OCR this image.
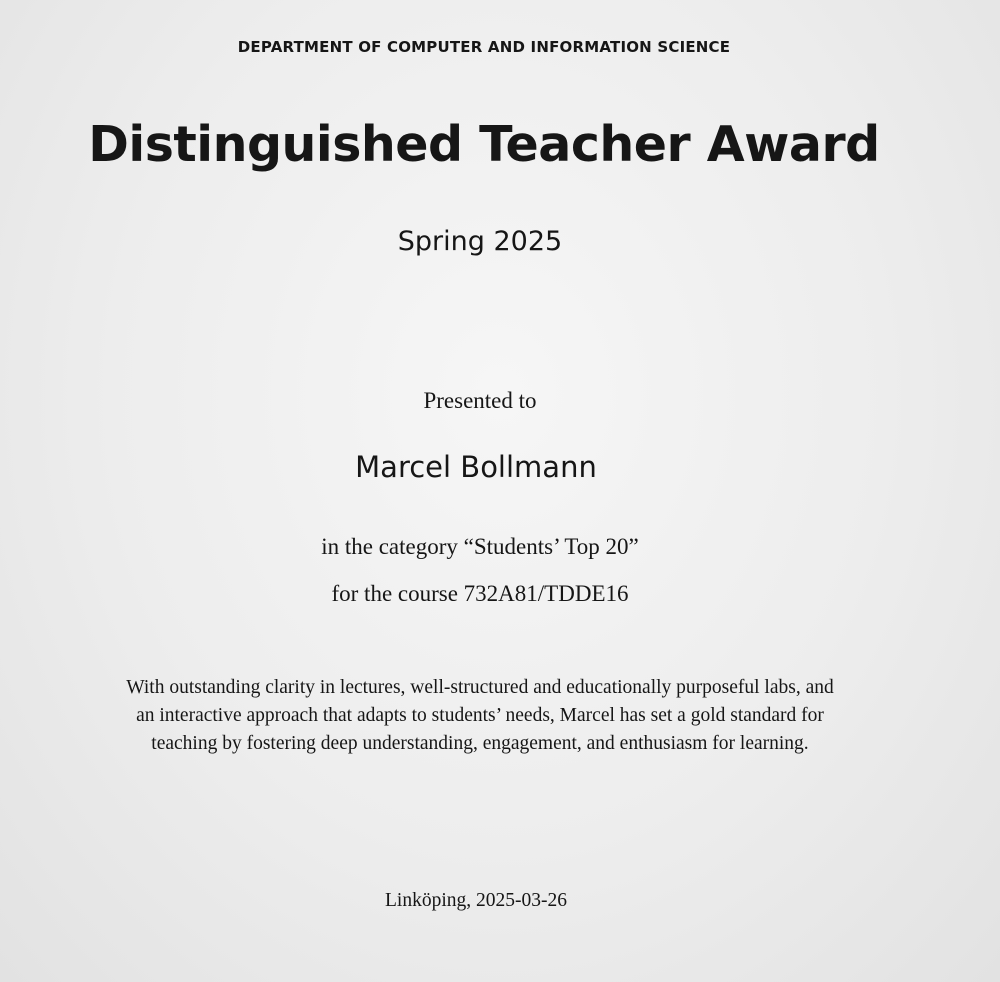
DEPARTMENT OF COMPUTER AND INFORMATION SCIENCE
Distinguished Teacher Award
Spring 2025
Presented to
Marcel Bollmann
in the category “Students’ Top 20”
for the course 732A81/TDDE16
With outstanding clarity in lectures, well-structured and educationally purposeful labs, and
an interactive approach that adapts to students’ needs, Marcel has set a gold standard for
teaching by fostering deep understanding, engagement, and enthusiasm for learning.
Linköping, 2025-03-26
